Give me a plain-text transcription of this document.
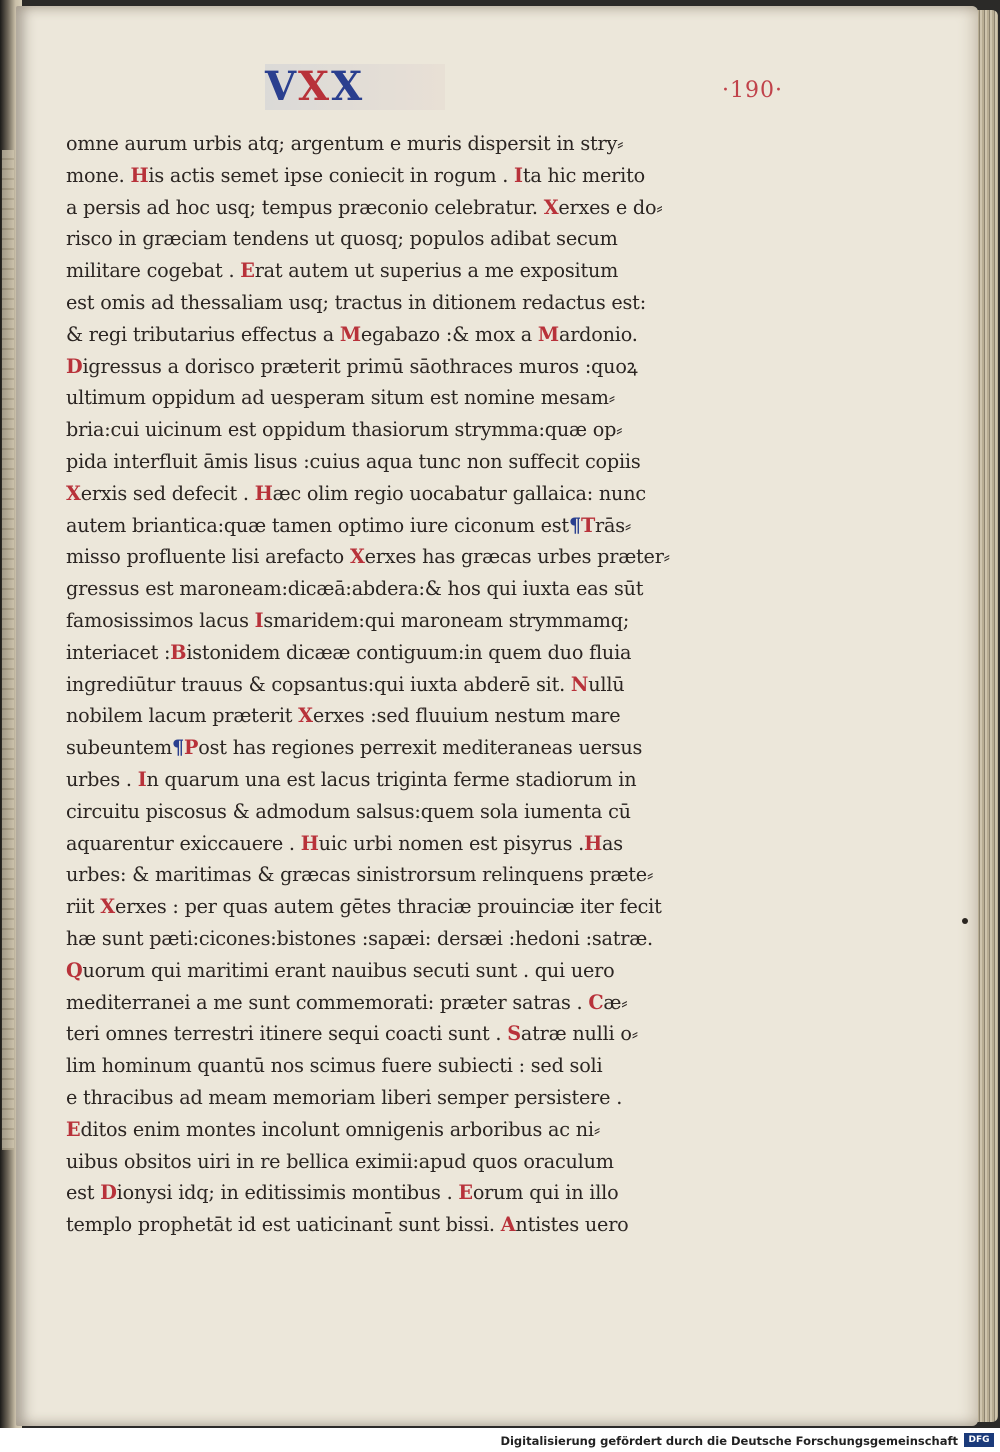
VXX	·190·
omne aurum urbis atq; argentum e muris dispersit in stry⸗
mone. His actis semet ipse coniecit in rogum . Ita hic merito
a persis ad hoc usq; tempus præconio celebratur. Xerxes e do⸗
risco in græciam tendens ut quosq; populos adibat secum
militare cogebat . Erat autem ut superius a me expositum
est omis ad thessaliam usq; tractus in ditionem redactus est:
& regi tributarius effectus a Megabazo :& mox a Mardonio.
Digressus a dorisco præterit primū sāothraces muros :quoꝝ
ultimum oppidum ad uesperam situm est nomine mesam⸗
bria:cui uicinum est oppidum thasiorum strymma:quæ op⸗
pida interfluit āmis lisus :cuius aqua tunc non suffecit copiis
Xerxis sed defecit . Hæc olim regio uocabatur gallaica: nunc
autem briantica:quæ tamen optimo iure ciconum est¶Trās⸗
misso profluente lisi arefacto Xerxes has græcas urbes præter⸗
gressus est maroneam:dicæā:abdera:& hos qui iuxta eas sūt
famosissimos lacus Ismaridem:qui maroneam strymmamq;
interiacet :Bistonidem dicææ contiguum:in quem duo fluia
ingrediūtur trauus & copsantus:qui iuxta abderē sit. Nullū
nobilem lacum præterit Xerxes :sed fluuium nestum mare
subeuntem¶Post has regiones perrexit mediteraneas uersus
urbes . In quarum una est lacus triginta ferme stadiorum in
circuitu piscosus & admodum salsus:quem sola iumenta cū
aquarentur exiccauere . Huic urbi nomen est pisyrus .Has
urbes: & maritimas & græcas sinistrorsum relinquens præte⸗
riit Xerxes : per quas autem gētes thraciæ prouinciæ iter fecit
hæ sunt pæti:cicones:bistones :sapæi: dersæi :hedoni :satræ.
Quorum qui maritimi erant nauibus secuti sunt . qui uero
mediterranei a me sunt commemorati: præter satras . Cæ⸗
teri omnes terrestri itinere sequi coacti sunt . Satræ nulli o⸗
lim hominum quantū nos scimus fuere subiecti : sed soli
e thracibus ad meam memoriam liberi semper persistere .
Editos enim montes incolunt omnigenis arboribus ac ni⸗
uibus obsitos uiri in re bellica eximii:apud quos oraculum
est Dionysi idq; in editissimis montibus . Eorum qui in illo
templo prophetāt id est uaticinant̄ sunt bissi. Antistes uero
Digitalisierung gefördert durch die Deutsche Forschungsgemeinschaft	DFG
